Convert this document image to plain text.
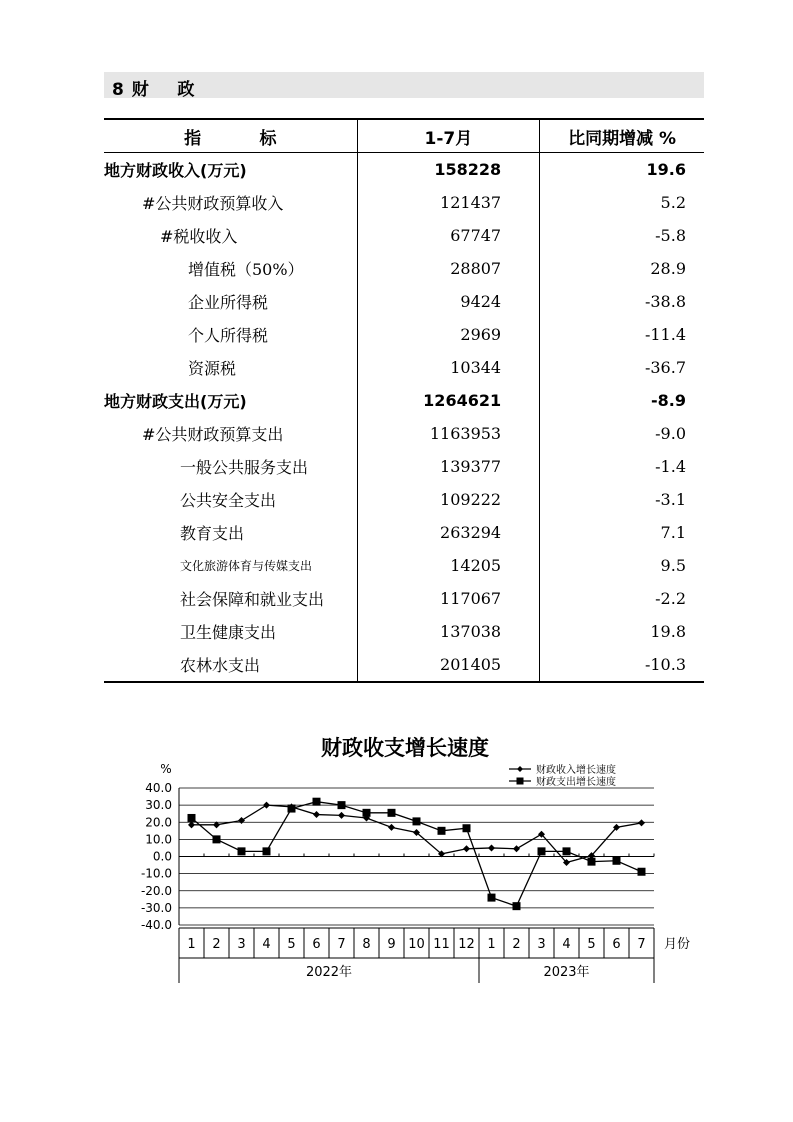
8 财    政
指 标	1-7月	比同期增减 %
地方财政收入(万元)	158228	19.6
#公共财政预算收入	121437	5.2
#税收收入	67747	-5.8
增值税（50%）	28807	28.9
企业所得税	9424	-38.8
个人所得税	2969	-11.4
资源税	10344	-36.7
地方财政支出(万元)	1264621	-8.9
#公共财政预算支出	1163953	-9.0
一般公共服务支出	139377	-1.4
公共安全支出	109222	-3.1
教育支出	263294	7.1
文化旅游体育与传媒支出	14205	9.5
社会保障和就业支出	117067	-2.2
卫生健康支出	137038	19.8
农林水支出	201405	-10.3
财政收支增长速度
%
40.0
30.0
20.0
10.0
0.0
-10.0
-20.0
-30.0
-40.0
1 2 3 4 5 6 7 8 9 10 11 12 1 2 3 4 5 6 7 月份
2022年	2023年
财政收入增长速度
财政支出增长速度
